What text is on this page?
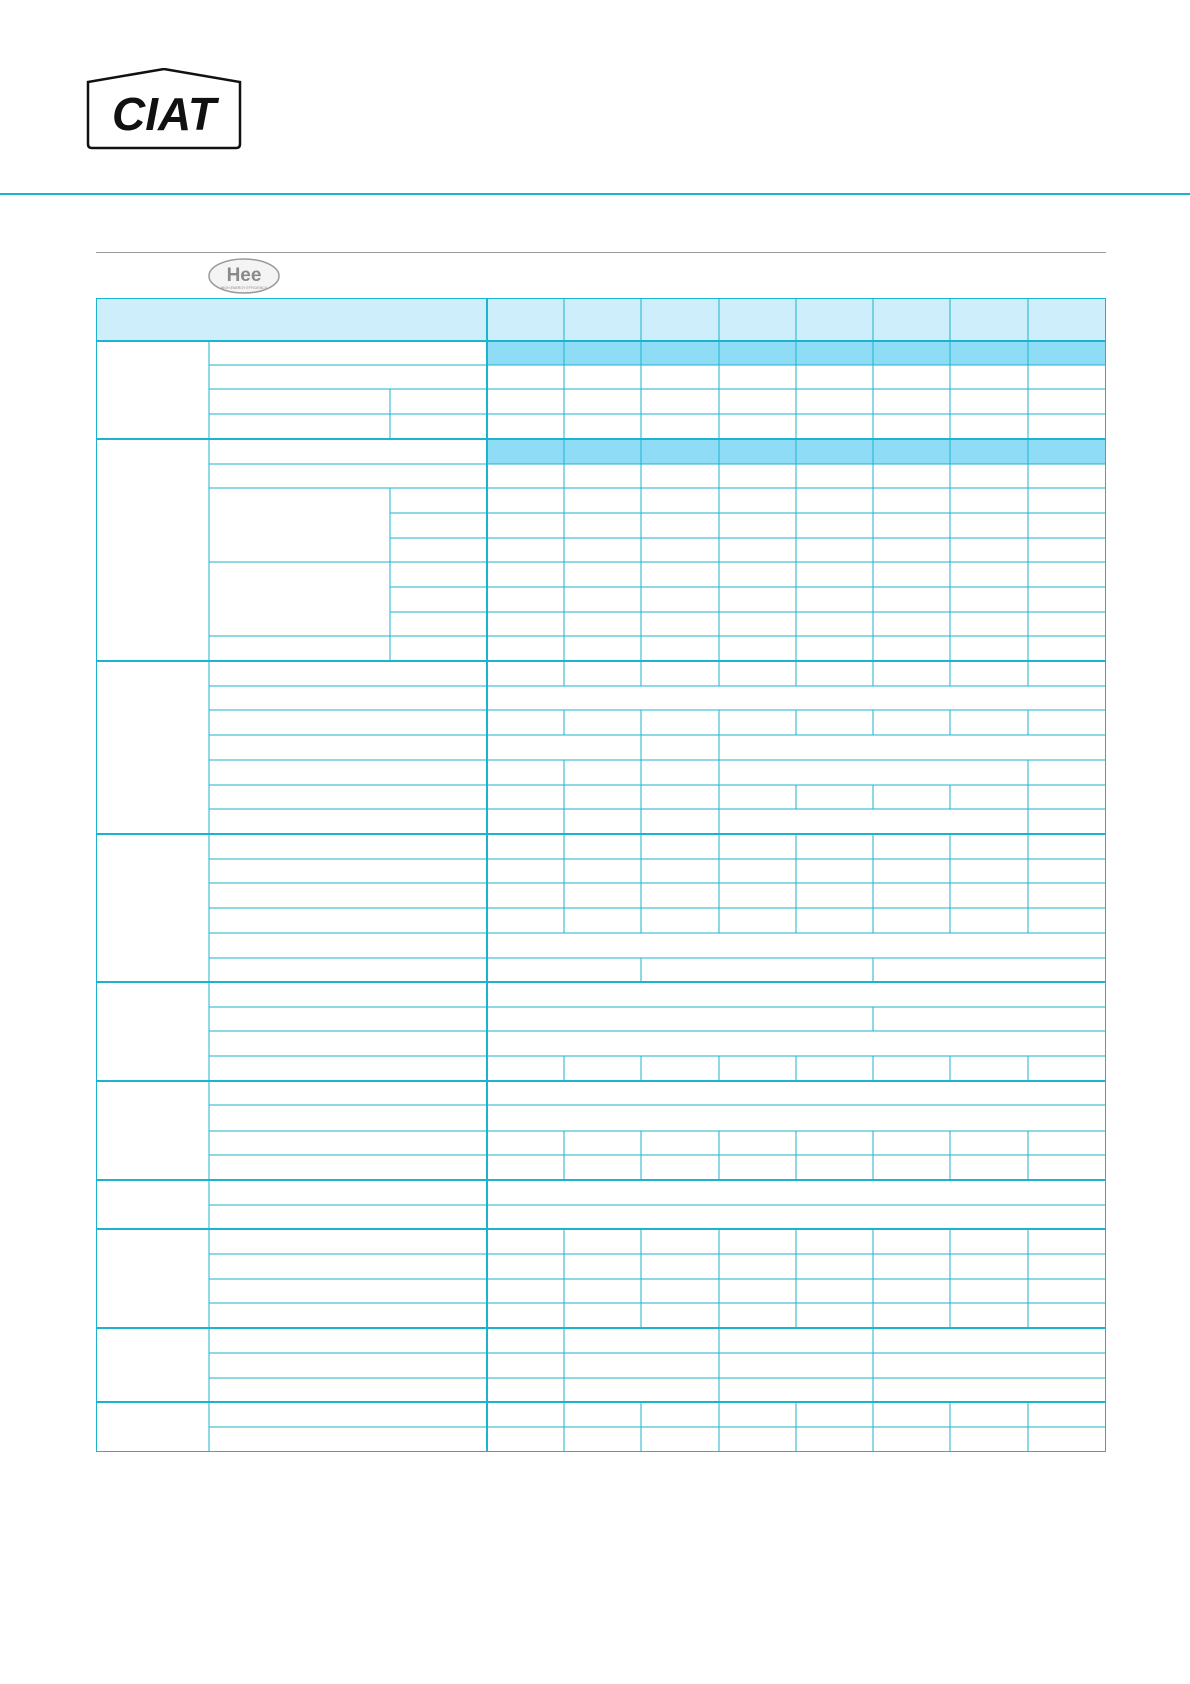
CIAT
Hee
HIGH ENERGY EFFICIENCY
